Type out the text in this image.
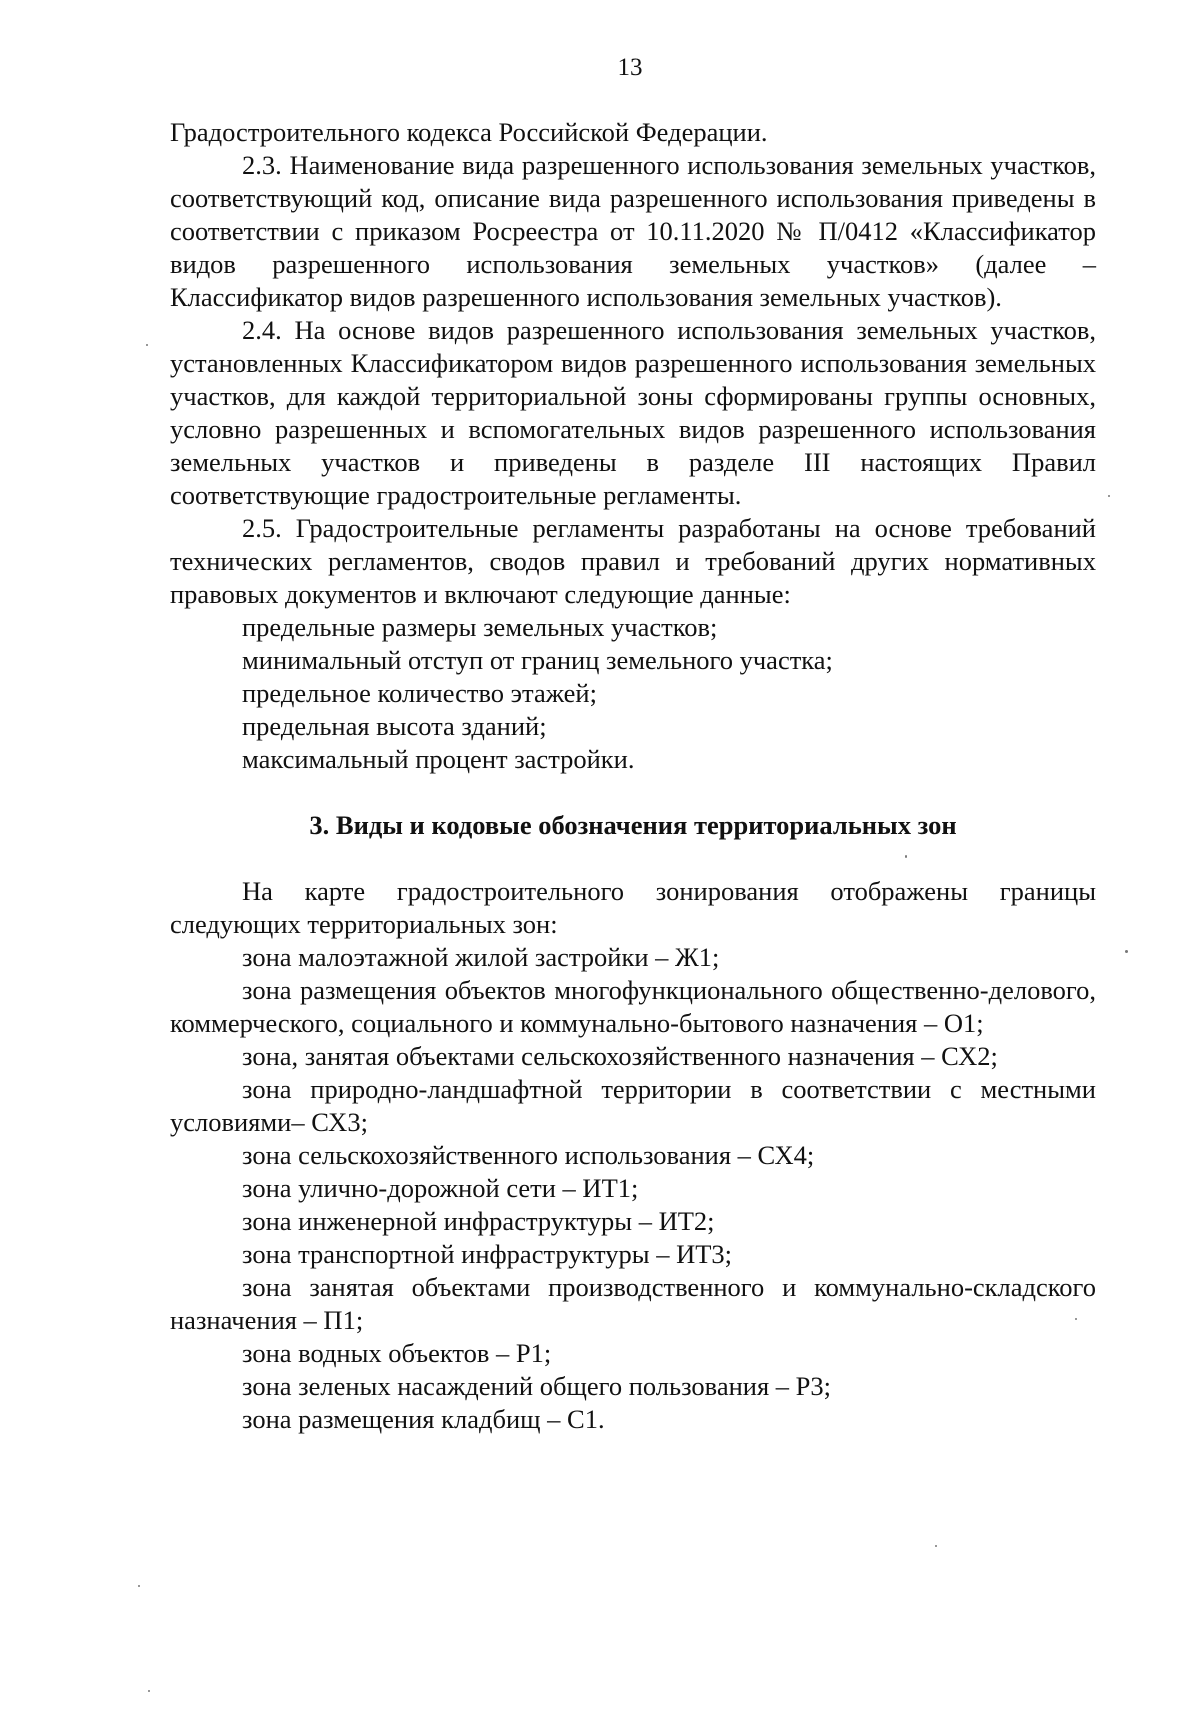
13

Градостроительного кодекса Российской Федерации.

2.3. Наименование вида разрешенного использования земельных участков, соответствующий код, описание вида разрешенного использования приведены в соответствии с приказом Росреестра от 10.11.2020 № П/0412 «Классификатор видов разрешенного использования земельных участков» (далее – Классификатор видов разрешенного использования земельных участков).

2.4. На основе видов разрешенного использования земельных участков, установленных Классификатором видов разрешенного использования земельных участков, для каждой территориальной зоны сформированы группы основных, условно разрешенных и вспомогательных видов разрешенного использования земельных участков и приведены в разделе III настоящих Правил соответствующие градостроительные регламенты.

2.5. Градостроительные регламенты разработаны на основе требований технических регламентов, сводов правил и требований других нормативных правовых документов и включают следующие данные:

предельные размеры земельных участков;

минимальный отступ от границ земельного участка;

предельное количество этажей;

предельная высота зданий;

максимальный процент застройки.

3. Виды и кодовые обозначения территориальных зон

На карте градостроительного зонирования отображены границы следующих территориальных зон:

зона малоэтажной жилой застройки – Ж1;

зона размещения объектов многофункционального общественно-делового, коммерческого, социального и коммунально-бытового назначения – О1;

зона, занятая объектами сельскохозяйственного назначения – СХ2;

зона природно-ландшафтной территории в соответствии с местными условиями– СХ3;

зона сельскохозяйственного использования – СХ4;

зона улично-дорожной сети – ИТ1;

зона инженерной инфраструктуры – ИТ2;

зона транспортной инфраструктуры – ИТ3;

зона занятая объектами производственного и коммунально-складского назначения – П1;

зона водных объектов – Р1;

зона зеленых насаждений общего пользования – Р3;

зона размещения кладбищ – С1.
